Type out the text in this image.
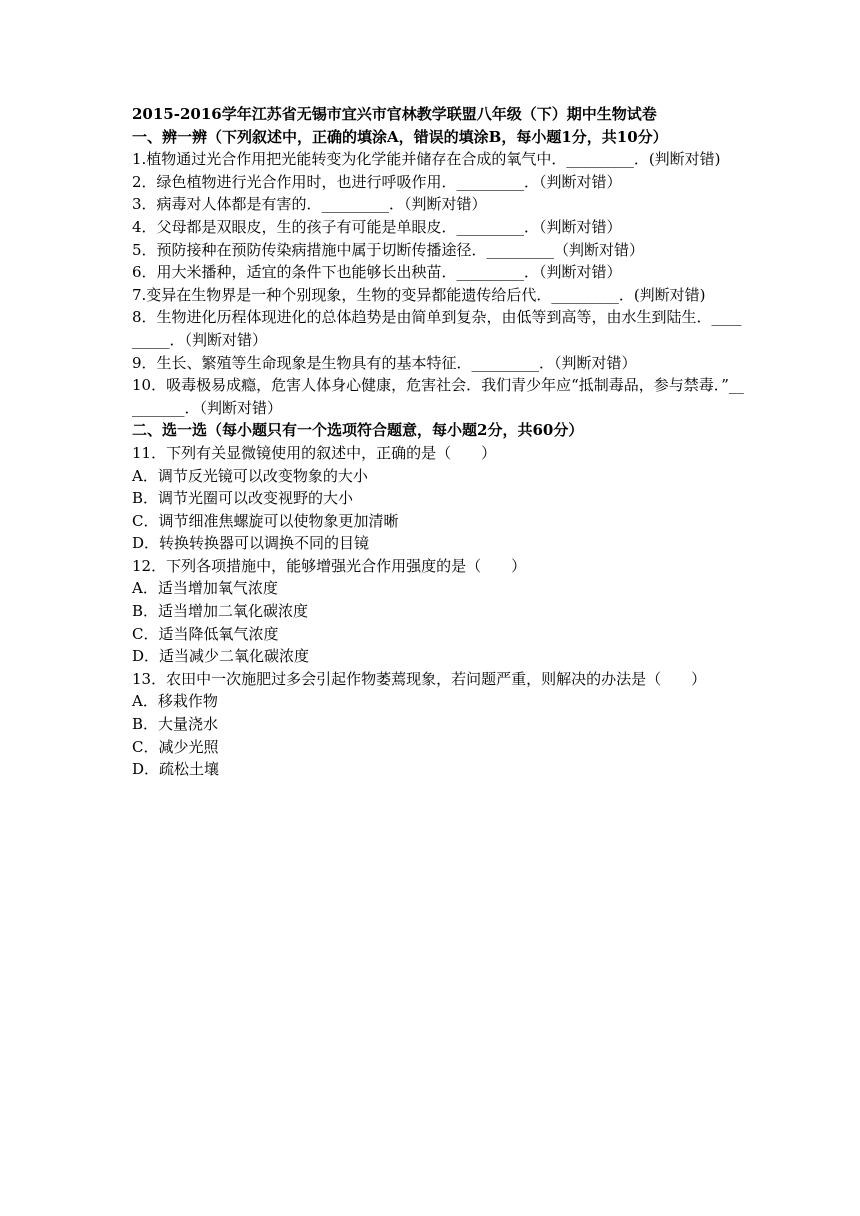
2015-2016学年江苏省无锡市宜兴市官林教学联盟八年级（下）期中生物试卷
一、辨一辨（下列叙述中，正确的填涂A，错误的填涂B，每小题1分，共10分）
1.植物通过光合作用把光能转变为化学能并储存在合成的氧气中．_________．(判断对错)
2．绿色植物进行光合作用时，也进行呼吸作用．_________．（判断对错）
3．病毒对人体都是有害的．_________．（判断对错）
4．父母都是双眼皮，生的孩子有可能是单眼皮．_________．（判断对错）
5．预防接种在预防传染病措施中属于切断传播途径．_________（判断对错）
6．用大米播种，适宜的条件下也能够长出秧苗．_________．（判断对错）
7.变异在生物界是一种个别现象，生物的变异都能遗传给后代．_________．(判断对错)
8．生物进化历程体现进化的总体趋势是由简单到复杂，由低等到高等，由水生到陆生．_________．（判断对错）
9．生长、繁殖等生命现象是生物具有的基本特征．_________．（判断对错）
10．吸毒极易成瘾，危害人体身心健康，危害社会．我们青少年应“抵制毒品，参与禁毒．”_________．（判断对错）
二、选一选（每小题只有一个选项符合题意，每小题2分，共60分）
11．下列有关显微镜使用的叙述中，正确的是（　　）
A．调节反光镜可以改变物象的大小
B．调节光圈可以改变视野的大小
C．调节细准焦螺旋可以使物象更加清晰
D．转换转换器可以调换不同的目镜
12．下列各项措施中，能够增强光合作用强度的是（　　）
A．适当增加氧气浓度
B．适当增加二氧化碳浓度
C．适当降低氧气浓度
D．适当减少二氧化碳浓度
13．农田中一次施肥过多会引起作物萎蔫现象，若问题严重，则解决的办法是（　　）
A．移栽作物
B．大量浇水
C．减少光照
D．疏松土壤
